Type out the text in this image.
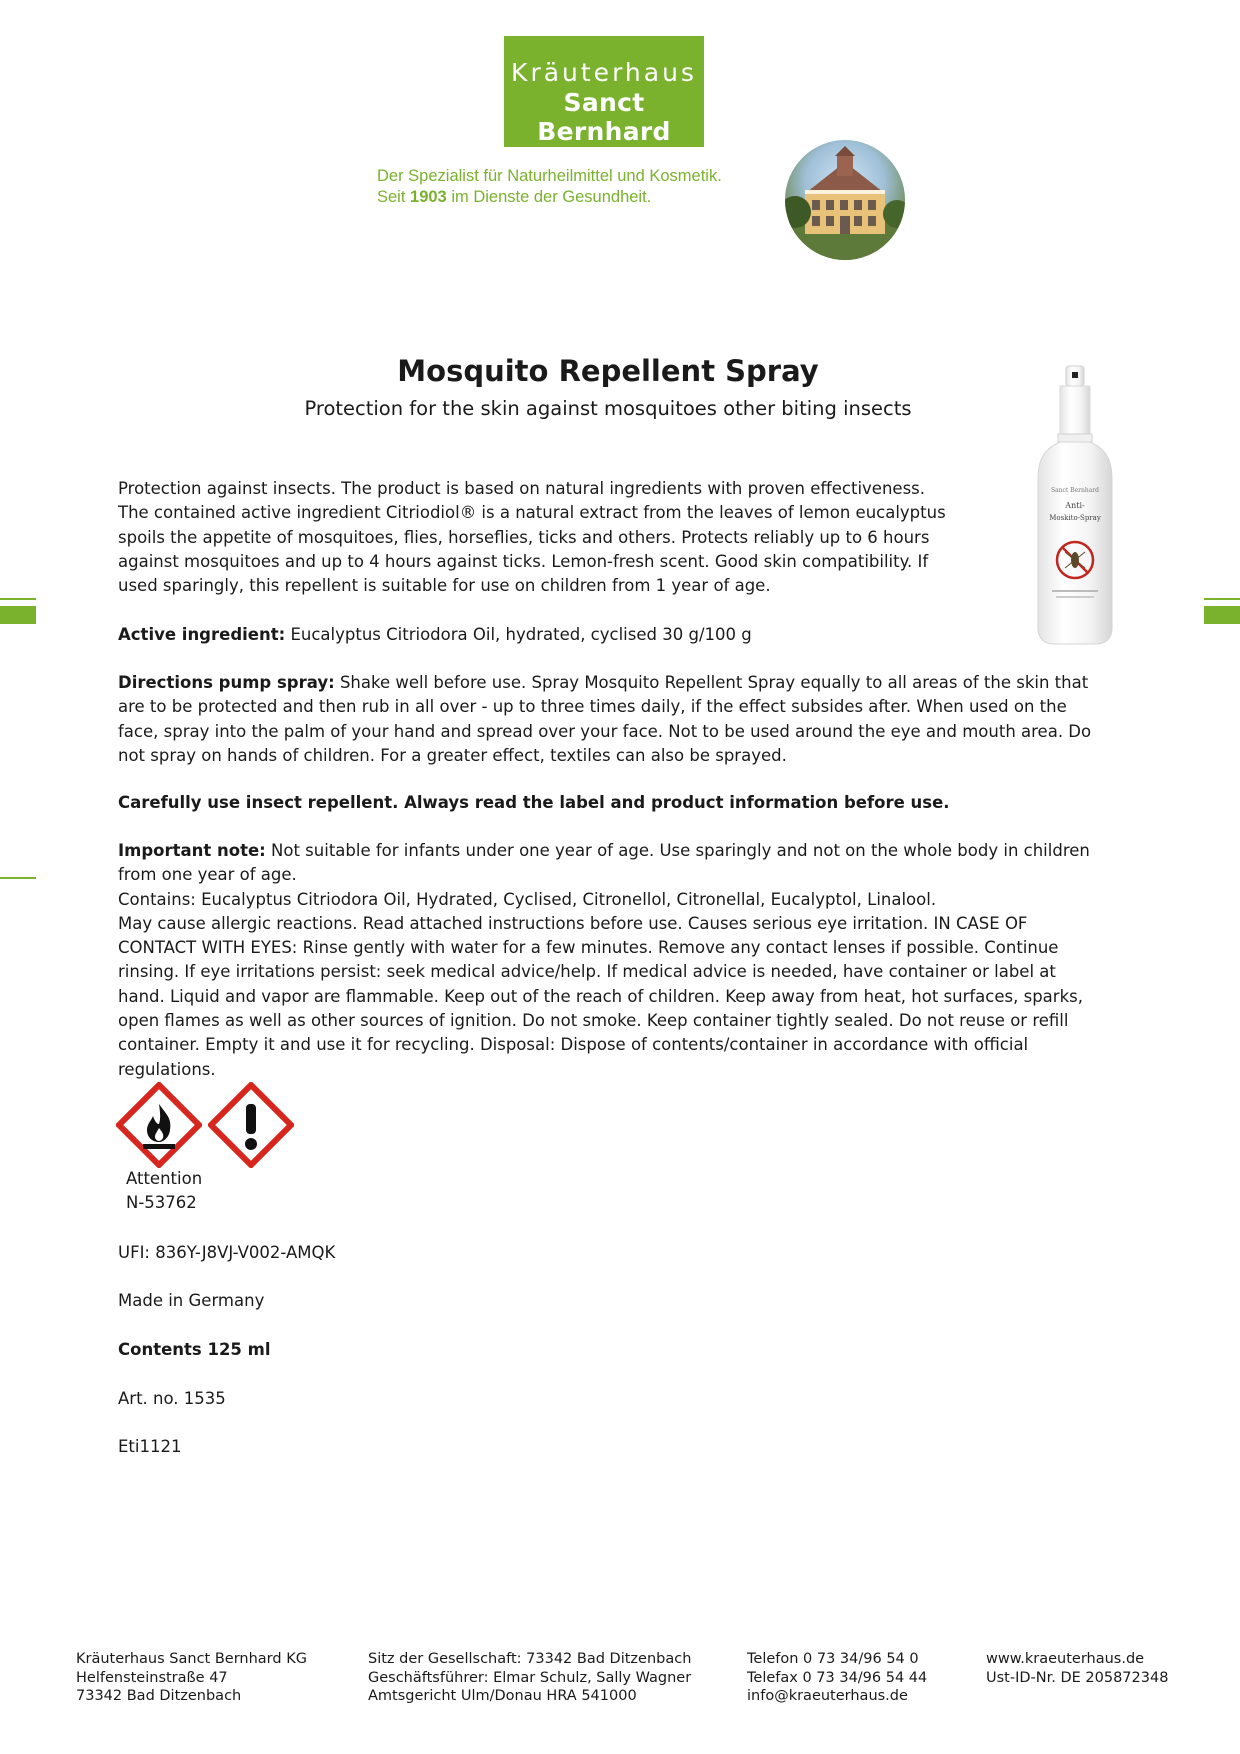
Kräuterhaus
Sanct Bernhard
Der Spezialist für Naturheilmittel und Kosmetik.
Seit 1903 im Dienste der Gesundheit.
Mosquito Repellent Spray
Protection for the skin against mosquitoes other biting insects
Sanct Bernhard
Anti-
Moskito-Spray
Protection against insects. The product is based on natural ingredients with proven effectiveness. The contained active ingredient Citriodiol® is a natural extract from the leaves of lemon eucalyptus spoils the appetite of mosquitoes, flies, horseflies, ticks and others. Protects reliably up to 6 hours against mosquitoes and up to 4 hours against ticks. Lemon-fresh scent. Good skin compatibility. If used sparingly, this repellent is suitable for use on children from 1 year of age.
Active ingredient: Eucalyptus Citriodora Oil, hydrated, cyclised 30 g/100 g
Directions pump spray: Shake well before use. Spray Mosquito Repellent Spray equally to all areas of the skin that are to be protected and then rub in all over - up to three times daily, if the effect subsides after. When used on the face, spray into the palm of your hand and spread over your face. Not to be used around the eye and mouth area. Do not spray on hands of children. For a greater effect, textiles can also be sprayed.
Carefully use insect repellent. Always read the label and product information before use.
Important note: Not suitable for infants under one year of age. Use sparingly and not on the whole body in children from one year of age.
Contains: Eucalyptus Citriodora Oil, Hydrated, Cyclised, Citronellol, Citronellal, Eucalyptol, Linalool.
May cause allergic reactions. Read attached instructions before use. Causes serious eye irritation. IN CASE OF CONTACT WITH EYES: Rinse gently with water for a few minutes. Remove any contact lenses if possible. Continue rinsing. If eye irritations persist: seek medical advice/help. If medical advice is needed, have container or label at hand. Liquid and vapor are flammable. Keep out of the reach of children. Keep away from heat, hot surfaces, sparks, open flames as well as other sources of ignition. Do not smoke. Keep container tightly sealed. Do not reuse or refill container. Empty it and use it for recycling. Disposal: Dispose of contents/container in accordance with official regulations.
Attention
N-53762
UFI: 836Y-J8VJ-V002-AMQK
Made in Germany
Contents 125 ml
Art. no. 1535
Eti1121
Kräuterhaus Sanct Bernhard KG
Helfensteinstraße 47
73342 Bad Ditzenbach
Sitz der Gesellschaft: 73342 Bad Ditzenbach
Geschäftsführer: Elmar Schulz, Sally Wagner
Amtsgericht Ulm/Donau HRA 541000
Telefon 0 73 34/96 54 0
Telefax 0 73 34/96 54 44
info@kraeuterhaus.de
www.kraeuterhaus.de
Ust-ID-Nr. DE 205872348
